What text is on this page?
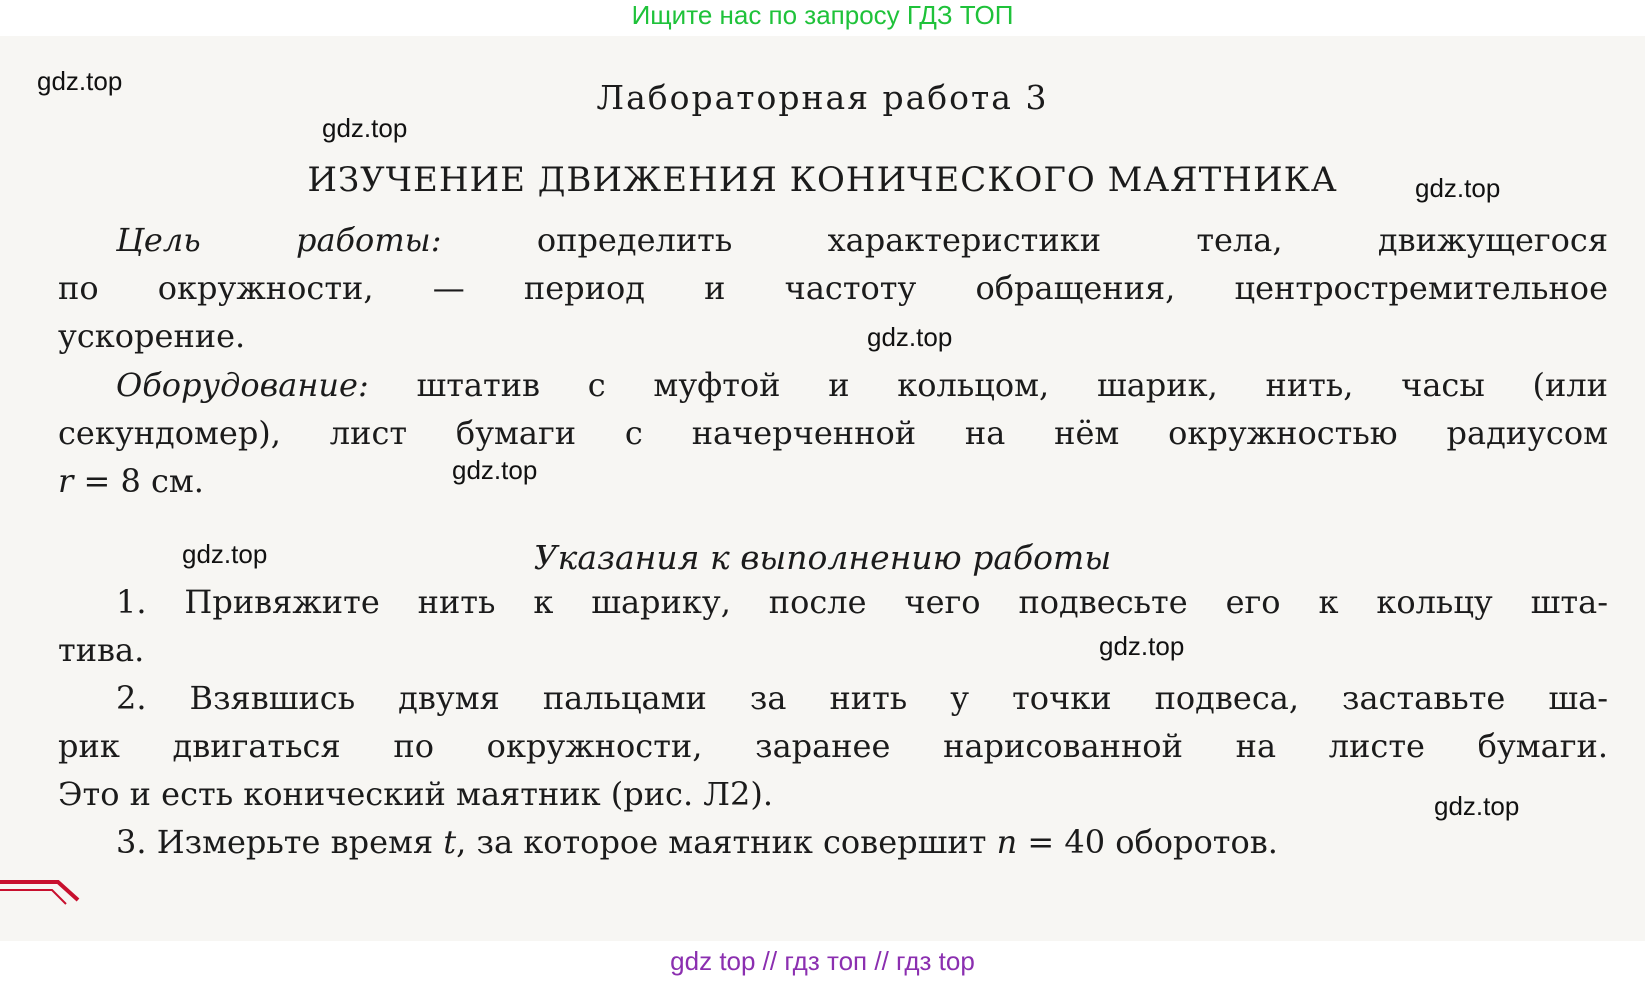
Ищите нас по запросу ГДЗ ТОП

Лабораторная работа 3
ИЗУЧЕНИЕ ДВИЖЕНИЯ КОНИЧЕСКОГО МАЯТНИКА
Цель работы:	определить характеристики тела, движущегося
по окружности, — период и частоту обращения, центростремительное
ускорение.
Оборудование: штатив с муфтой и кольцом, шарик, нить, часы (или
секундомер), лист бумаги с начерченной на нём окружностью радиусом
r = 8 см.
Указания к выполнению работы
1. Привяжите нить к шарику, после чего подвесьте его к кольцу шта-
тива.
2. Взявшись двумя пальцами за нить у точки подвеса, заставьте ша-
рик двигаться по окружности, заранее нарисованной на листе бумаги.
Это и есть конический маятник (рис. Л2).
3. Измерьте время t, за которое маятник совершит n = 40 оборотов.
gdz.top
gdz.top
gdz.top
gdz.top
gdz.top
gdz.top
gdz.top
gdz.top
gdz top // гдз топ // гдз top
